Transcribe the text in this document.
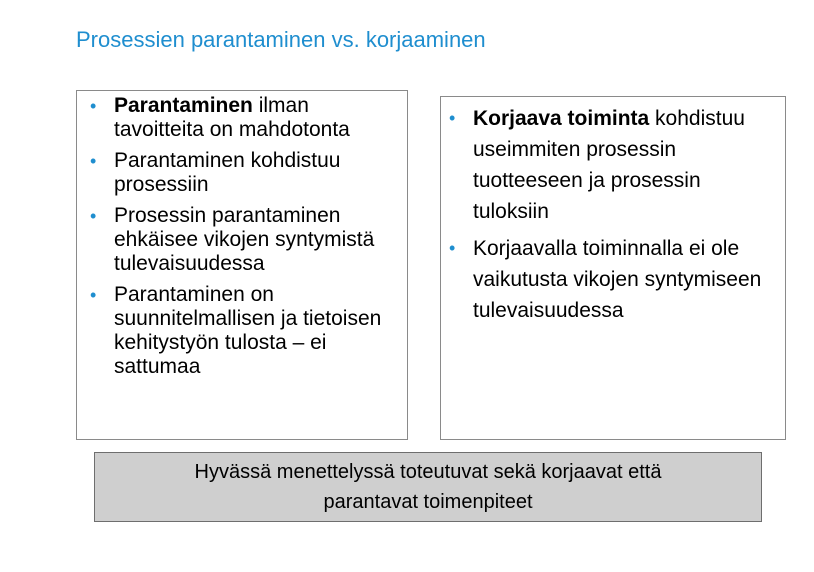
Prosessien parantaminen vs. korjaaminen
• Parantaminen ilman tavoitteita on mahdotonta
• Parantaminen kohdistuu prosessiin
• Prosessin parantaminen ehkäisee vikojen syntymistä tulevaisuudessa
• Parantaminen on suunnitelmallisen ja tietoisen kehitystyön tulosta – ei sattumaa
• Korjaava toiminta kohdistuu useimmiten prosessin tuotteeseen ja prosessin tuloksiin
• Korjaavalla toiminnalla ei ole vaikutusta vikojen syntymiseen tulevaisuudessa
Hyvässä menettelyssä toteutuvat sekä korjaavat että parantavat toimenpiteet
